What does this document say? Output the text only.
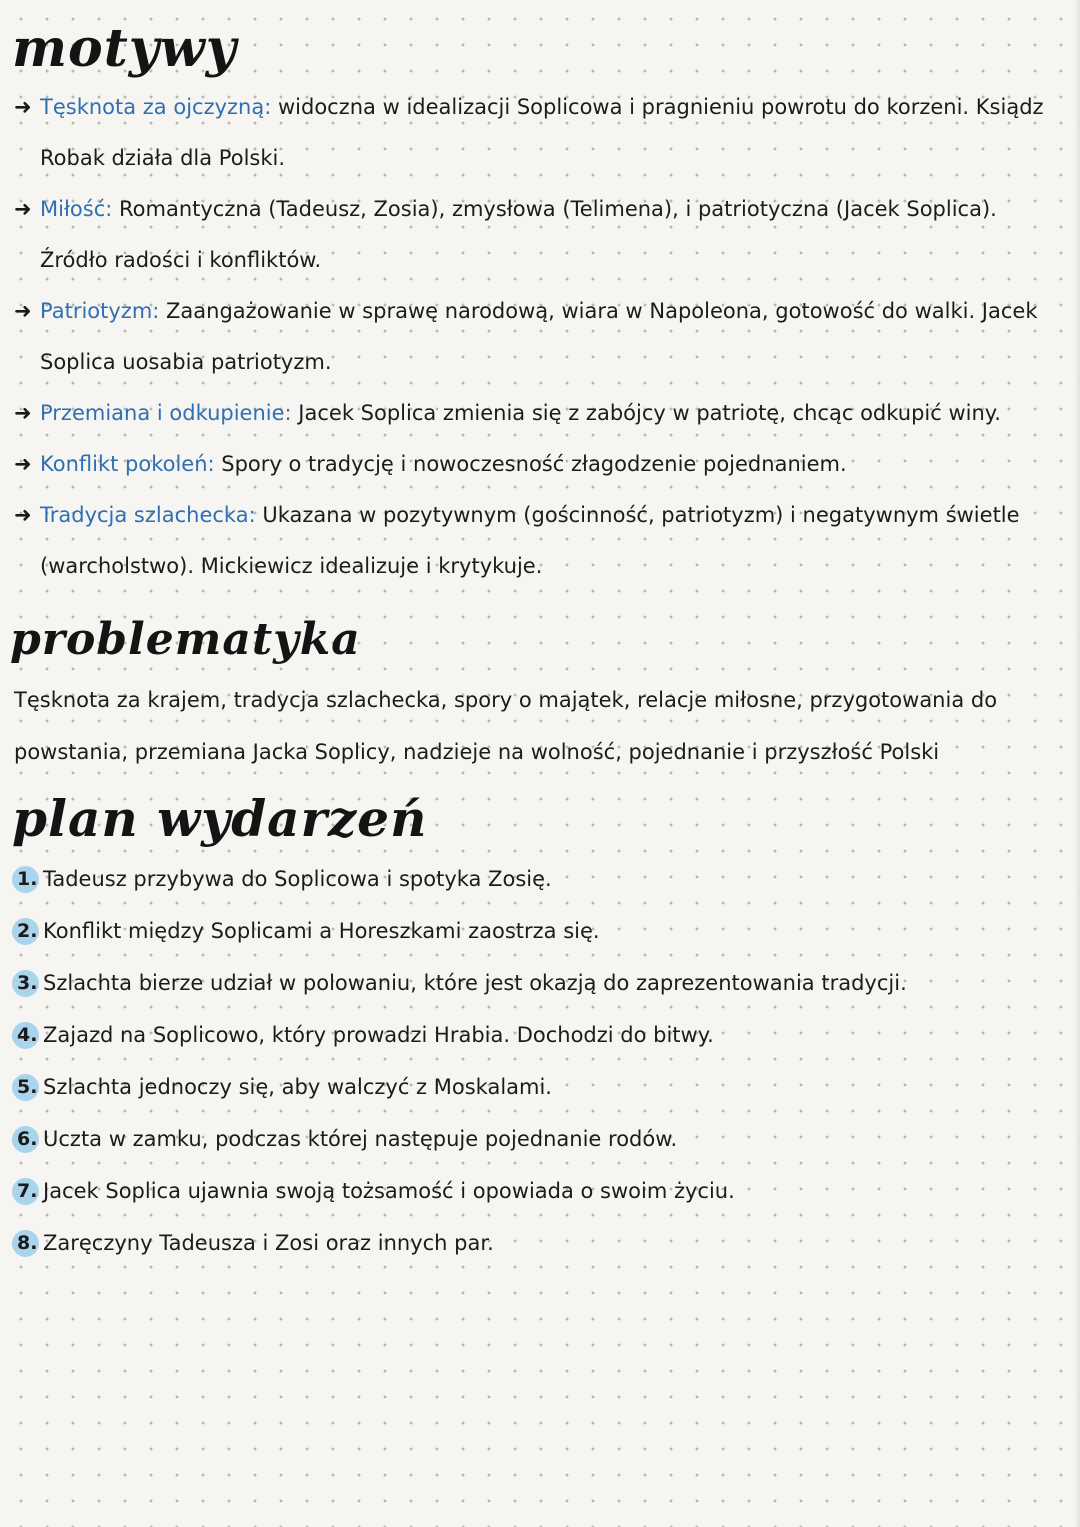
motywy
➜ Tęsknota za ojczyzną: widoczna w idealizacji Soplicowa i pragnieniu powrotu do korzeni. Ksiądz Robak działa dla Polski.
➜ Miłość: Romantyczna (Tadeusz, Zosia), zmysłowa (Telimena), i patriotyczna (Jacek Soplica). Źródło radości i konfliktów.
➜ Patriotyzm: Zaangażowanie w sprawę narodową, wiara w Napoleona, gotowość do walki. Jacek Soplica uosabia patriotyzm.
➜ Przemiana i odkupienie: Jacek Soplica zmienia się z zabójcy w patriotę, chcąc odkupić winy.
➜ Konflikt pokoleń: Spory o tradycję i nowoczesność złagodzenie pojednaniem.
➜ Tradycja szlachecka: Ukazana w pozytywnym (gościnność, patriotyzm) i negatywnym świetle (warcholstwo). Mickiewicz idealizuje i krytykuje.
problematyka

Tęsknota za krajem, tradycja szlachecka, spory o majątek, relacje miłosne, przygotowania do powstania, przemiana Jacka Soplicy, nadzieje na wolność, pojednanie i przyszłość Polski

plan wydarzeń
1. Tadeusz przybywa do Soplicowa i spotyka Zosię.
2. Konflikt między Soplicami a Horeszkami zaostrza się.
3. Szlachta bierze udział w polowaniu, które jest okazją do zaprezentowania tradycji.
4. Zajazd na Soplicowo, który prowadzi Hrabia. Dochodzi do bitwy.
5. Szlachta jednoczy się, aby walczyć z Moskalami.
6. Uczta w zamku, podczas której następuje pojednanie rodów.
7. Jacek Soplica ujawnia swoją tożsamość i opowiada o swoim życiu.
8. Zaręczyny Tadeusza i Zosi oraz innych par.
